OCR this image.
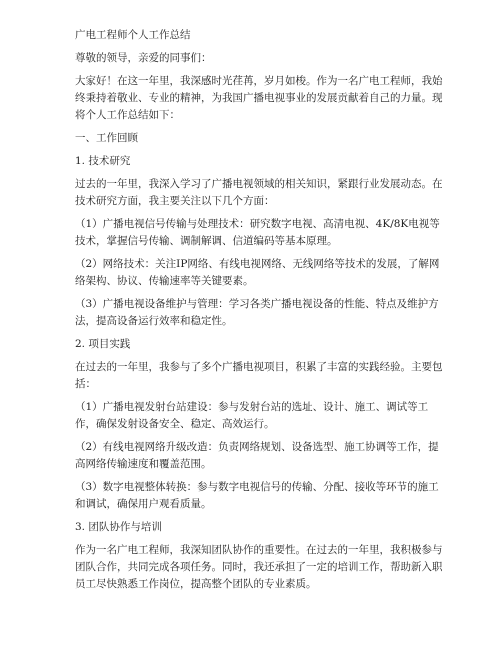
广电工程师个人工作总结

尊敬的领导，亲爱的同事们：

大家好！在这一年里，我深感时光荏苒，岁月如梭。作为一名广电工程师，我始终秉持着敬业、专业的精神，为我国广播电视事业的发展贡献着自己的力量。现将个人工作总结如下：

一、工作回顾

1. 技术研究

过去的一年里，我深入学习了广播电视领域的相关知识，紧跟行业发展动态。在技术研究方面，我主要关注以下几个方面：

（1）广播电视信号传输与处理技术：研究数字电视、高清电视、4K/8K电视等技术，掌握信号传输、调制解调、信道编码等基本原理。

（2）网络技术：关注IP网络、有线电视网络、无线网络等技术的发展，了解网络架构、协议、传输速率等关键要素。

（3）广播电视设备维护与管理：学习各类广播电视设备的性能、特点及维护方法，提高设备运行效率和稳定性。

2. 项目实践

在过去的一年里，我参与了多个广播电视项目，积累了丰富的实践经验。主要包括：

（1）广播电视发射台站建设：参与发射台站的选址、设计、施工、调试等工作，确保发射设备安全、稳定、高效运行。

（2）有线电视网络升级改造：负责网络规划、设备选型、施工协调等工作，提高网络传输速度和覆盖范围。

（3）数字电视整体转换：参与数字电视信号的传输、分配、接收等环节的施工和调试，确保用户观看质量。

3. 团队协作与培训

作为一名广电工程师，我深知团队协作的重要性。在过去的一年里，我积极参与团队合作，共同完成各项任务。同时，我还承担了一定的培训工作，帮助新入职员工尽快熟悉工作岗位，提高整个团队的专业素质。
